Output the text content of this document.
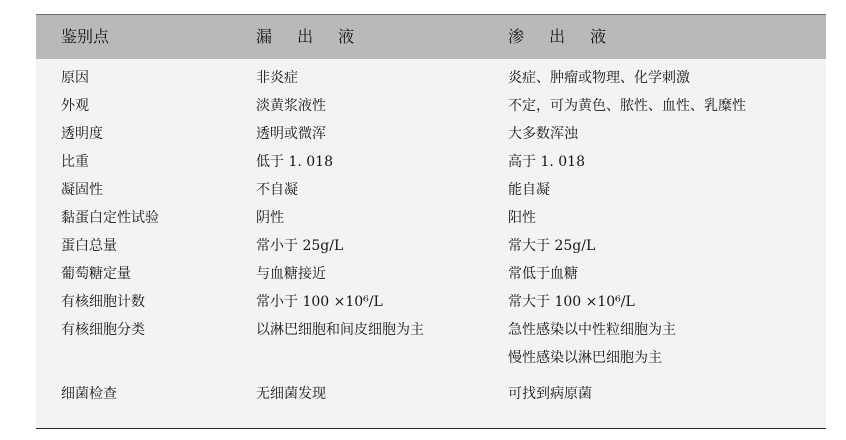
鉴别点	漏 出 液	渗 出 液
原因	非炎症	炎症、肿瘤或物理、化学刺激
外观	淡黄浆液性	不定，可为黄色、脓性、血性、乳糜性
透明度	透明或微浑	大多数浑浊
比重	低于 1. 018	高于 1. 018
凝固性	不自凝	能自凝
黏蛋白定性试验	阴性	阳性
蛋白总量	常小于 25g/L	常大于 25g/L
葡萄糖定量	与血糖接近	常低于血糖
有核细胞计数	常小于 100 ×10⁶/L	常大于 100 ×10⁶/L
有核细胞分类	以淋巴细胞和间皮细胞为主	急性感染以中性粒细胞为主
慢性感染以淋巴细胞为主
细菌检查	无细菌发现	可找到病原菌
